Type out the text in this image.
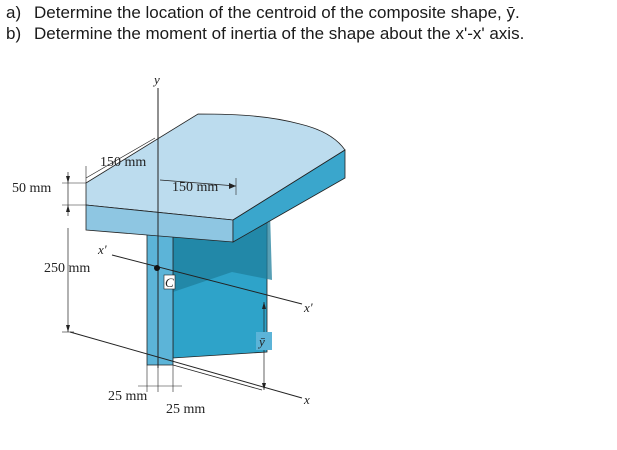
a) Determine the location of the centroid of the composite shape, ȳ.
b) Determine the moment of inertia of the shape about the x'-x' axis.
C
y
x'
x'
x
50 mm
250 mm
150 mm
150 mm
ȳ
25 mm
25 mm
